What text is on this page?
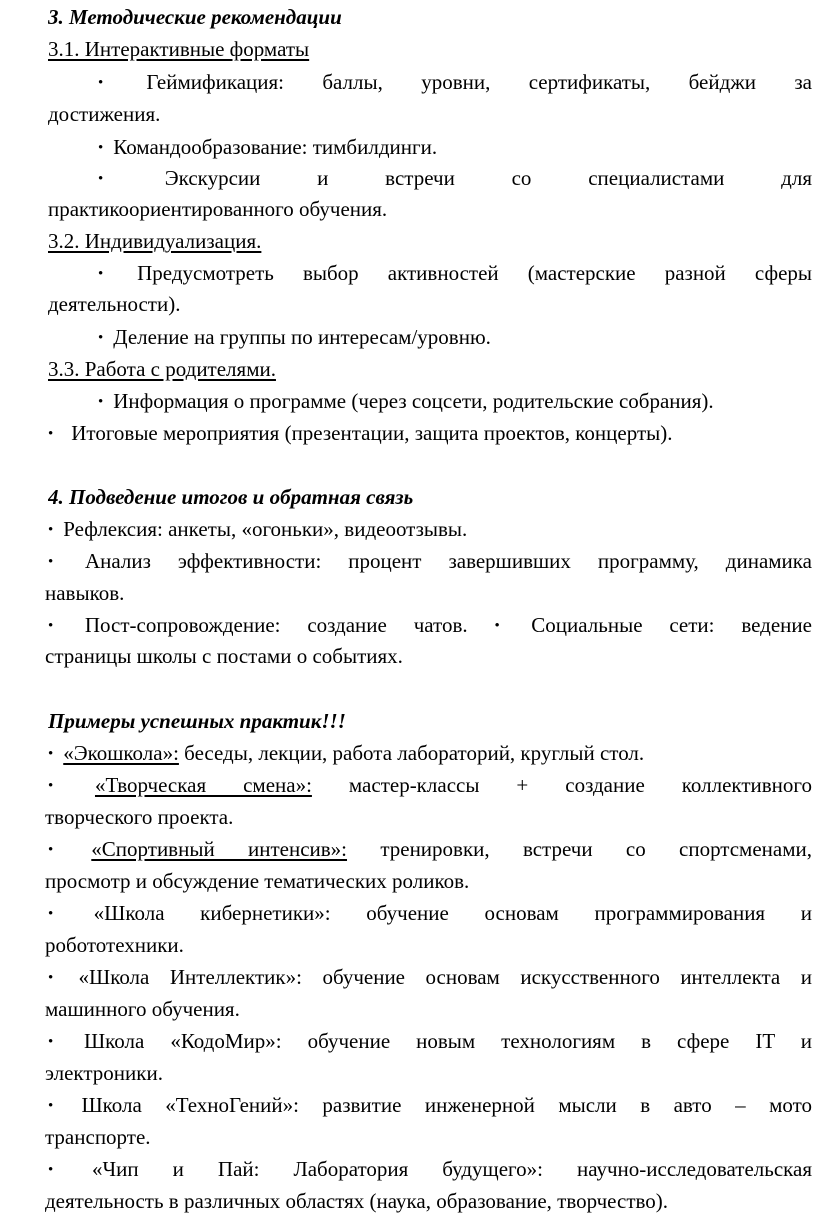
3. Методические рекомендации
3.1. Интерактивные форматы
• Геймификация: баллы, уровни, сертификаты, бейджи за
достижения.
• Командообразование: тимбилдинги.
•	Экскурсии и встречи со специалистами для
практикоориентированного обучения.
3.2. Индивидуализация.
• Предусмотреть выбор активностей (мастерские разной сферы
деятельности).
• Деление на группы по интересам/уровню.
3.3. Работа с родителями.
• Информация о программе (через соцсети, родительские собрания).
• Итоговые мероприятия (презентации, защита проектов, концерты).
4. Подведение итогов и обратная связь
• Рефлексия: анкеты, «огоньки», видеоотзывы.
• Анализ эффективности: процент завершивших программу, динамика
навыков.
• Пост-сопровождение: создание чатов. • Социальные сети: ведение
страницы школы с постами о событиях.
Примеры успешных практик!!!
• «Экошкола»: беседы, лекции, работа лабораторий, круглый стол.
• «Творческая смена»: мастер-классы + создание коллективного
творческого проекта.
• «Спортивный интенсив»: тренировки, встречи со спортсменами,
просмотр и обсуждение тематических роликов.
• «Школа кибернетики»: обучение основам программирования и
робототехники.
• «Школа Интеллектик»: обучение основам искусственного интеллекта и
машинного обучения.
• Школа «КодоМир»: обучение новым технологиям в сфере IT и
электроники.
• Школа «ТехноГений»: развитие инженерной мысли в авто – мото
транспорте.
• «Чип и Пай: Лаборатория будущего»: научно-исследовательская
деятельность в различных областях (наука, образование, творчество).
